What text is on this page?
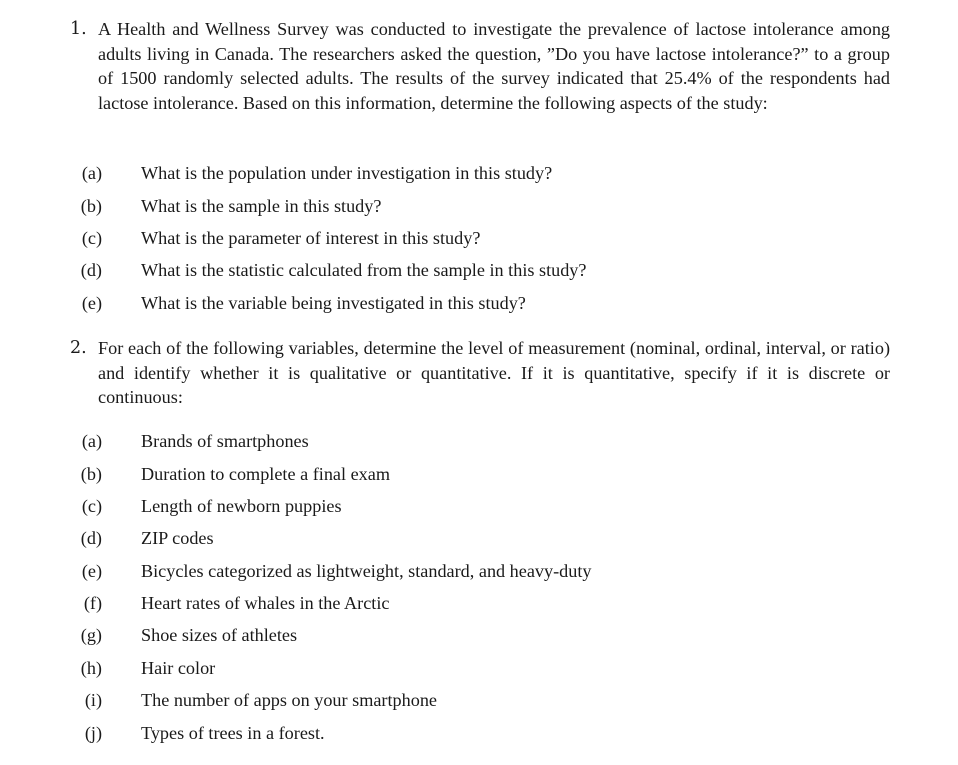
1. A Health and Wellness Survey was conducted to investigate the prevalence of lactose intolerance among adults living in Canada. The researchers asked the question, ”Do you have lactose intolerance?” to a group of 1500 randomly selected adults. The results of the survey indicated that 25.4% of the respondents had lactose intolerance. Based on this information, determine the following aspects of the study:
(a) What is the population under investigation in this study?
(b) What is the sample in this study?
(c) What is the parameter of interest in this study?
(d) What is the statistic calculated from the sample in this study?
(e) What is the variable being investigated in this study?
2. For each of the following variables, determine the level of measurement (nominal, ordinal, interval, or ratio) and identify whether it is qualitative or quantitative. If it is quantitative, specify if it is discrete or continuous:
(a) Brands of smartphones
(b) Duration to complete a final exam
(c) Length of newborn puppies
(d) ZIP codes
(e) Bicycles categorized as lightweight, standard, and heavy-duty
(f) Heart rates of whales in the Arctic
(g) Shoe sizes of athletes
(h) Hair color
(i) The number of apps on your smartphone
(j) Types of trees in a forest.
